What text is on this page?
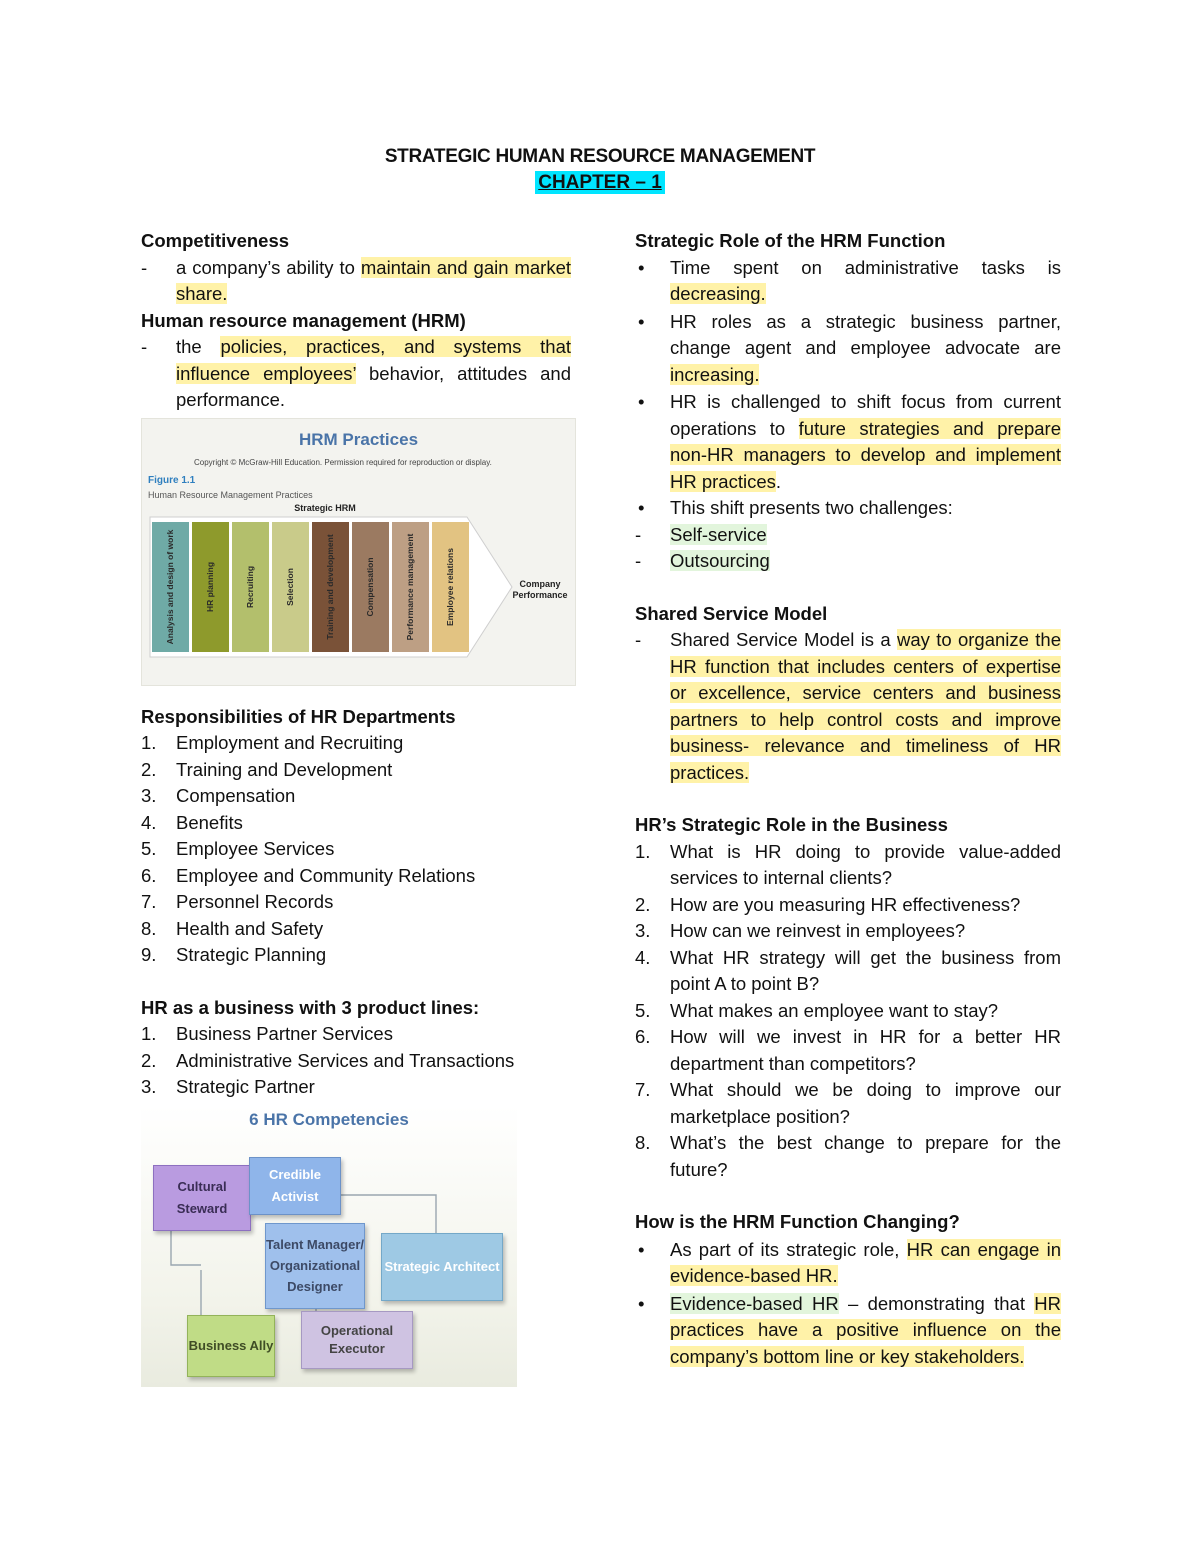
STRATEGIC HUMAN RESOURCE MANAGEMENT
CHAPTER – 1
Competitiveness
- a company’s ability to maintain and gain market share.
Human resource management (HRM)
- the policies, practices, and systems that influence employees’ behavior, attitudes and performance.
HRM Practices
Copyright © McGraw-Hill Education. Permission required for reproduction or display.
Figure 1.1
Human Resource Management Practices
Strategic HRM
Analysis and design of work	HR planning	Recruiting	Selection	Training and development	Compensation	Performance management	Employee relations	Company Performance
Responsibilities of HR Departments
1. Employment and Recruiting
2. Training and Development
3. Compensation
4. Benefits
5. Employee Services
6. Employee and Community Relations
7. Personnel Records
8. Health and Safety
9. Strategic Planning
HR as a business with 3 product lines:
1. Business Partner Services
2. Administrative Services and Transactions
3. Strategic Partner
6 HR Competencies
Cultural Steward
Credible Activist
Talent Manager/ Organizational Designer
Strategic Architect
Business Ally
Operational Executor
Strategic Role of the HRM Function
• Time spent on administrative tasks is decreasing.
• HR roles as a strategic business partner, change agent and employee advocate are increasing.
• HR is challenged to shift focus from current operations to future strategies and prepare non-HR managers to develop and implement HR practices.
• This shift presents two challenges:
- Self-service
- Outsourcing
Shared Service Model
- Shared Service Model is a way to organize the HR function that includes centers of expertise or excellence, service centers and business partners to help control costs and improve business- relevance and timeliness of HR practices.
HR’s Strategic Role in the Business
1. What is HR doing to provide value-added services to internal clients?
2. How are you measuring HR effectiveness?
3. How can we reinvest in employees?
4. What HR strategy will get the business from point A to point B?
5. What makes an employee want to stay?
6. How will we invest in HR for a better HR department than competitors?
7. What should we be doing to improve our marketplace position?
8. What’s the best change to prepare for the future?
How is the HRM Function Changing?
• As part of its strategic role, HR can engage in evidence-based HR.
• Evidence-based HR – demonstrating that HR practices have a positive influence on the company’s bottom line or key stakeholders.
